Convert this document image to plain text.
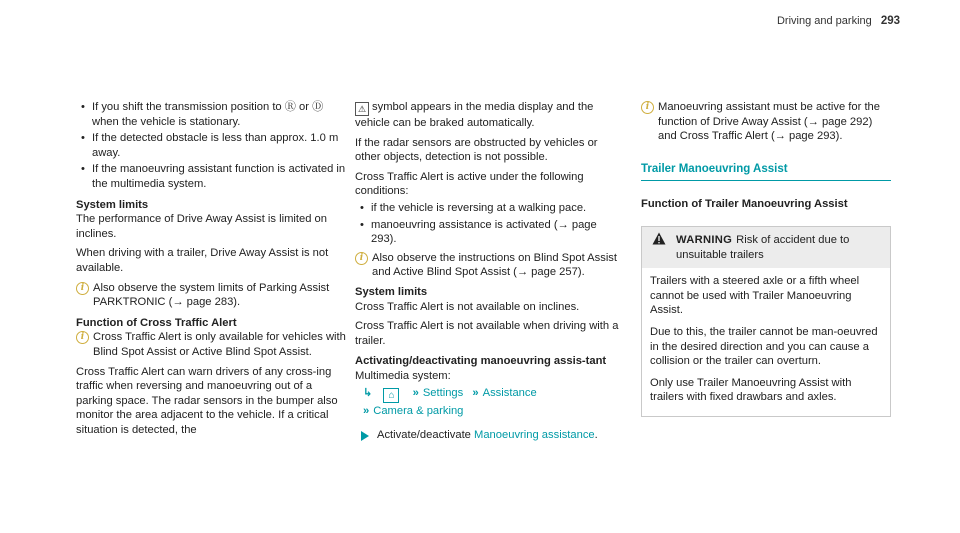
Driving and parking 293
• If you shift the transmission position to Ⓡ or Ⓓ when the vehicle is stationary.
• If the detected obstacle is less than approx. 1.0 m away.
• If the manoeuvring assistant function is activated in the multimedia system.
System limits

The performance of Drive Away Assist is limited on inclines.

When driving with a trailer, Drive Away Assist is not available.

i Also observe the system limits of Parking Assist PARKTRONIC (→ page 283).
Function of Cross Traffic Alert
i Cross Traffic Alert is only available for vehicles with Blind Spot Assist or Active Blind Spot Assist.

Cross Traffic Alert can warn drivers of any cross-ing traffic when reversing and manoeuvring out of a parking space. The radar sensors in the bumper also monitor the area adjacent to the vehicle. If a critical situation is detected, the

⚠ symbol appears in the media display and the vehicle can be braked automatically.

If the radar sensors are obstructed by vehicles or other objects, detection is not possible.

Cross Traffic Alert is active under the following conditions:

• if the vehicle is reversing at a walking pace.
• manoeuvring assistance is activated (→ page 293).
i Also observe the instructions on Blind Spot Assist and Active Blind Spot Assist (→ page 257).
System limits

Cross Traffic Alert is not available on inclines.

Cross Traffic Alert is not available when driving with a trailer.

Activating/deactivating manoeuvring assis-tant

Multimedia system:

↳ ⌂ » Settings » Assistance
» Camera & parking
Activate/deactivate Manoeuvring assistance.
i Manoeuvring assistant must be active for the function of Drive Away Assist (→ page 292) and Cross Traffic Alert (→ page 293).
Trailer Manoeuvring Assist
Function of Trailer Manoeuvring Assist
WARNING Risk of accident due to unsuitable trailers

Trailers with a steered axle or a fifth wheel cannot be used with Trailer Manoeuvring Assist.

Due to this, the trailer cannot be man-oeuvred in the desired direction and you can cause a collision or the trailer can overturn.

Only use Trailer Manoeuvring Assist with trailers with fixed drawbars and axles.
